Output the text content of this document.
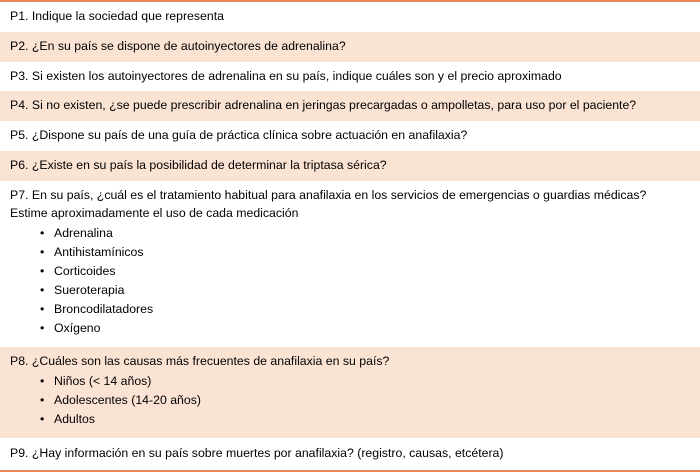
P1. Indique la sociedad que representa
P2. ¿En su país se dispone de autoinyectores de adrenalina?
P3. Si existen los autoinyectores de adrenalina en su país, indique cuáles son y el precio aproximado
P4. Si no existen, ¿se puede prescribir adrenalina en jeringas precargadas o ampolletas, para uso por el paciente?
P5. ¿Dispone su país de una guía de práctica clínica sobre actuación en anafilaxia?
P6. ¿Existe en su país la posibilidad de determinar la triptasa sérica?
P7. En su país, ¿cuál es el tratamiento habitual para anafilaxia en los servicios de emergencias o guardias médicas?
Estime aproximadamente el uso de cada medicación
• Adrenalina
• Antihistamínicos
• Corticoides
• Sueroterapia
• Broncodilatadores
• Oxígeno
P8. ¿Cuáles son las causas más frecuentes de anafilaxia en su país?
• Niños (< 14 años)
• Adolescentes (14-20 años)
• Adultos
P9. ¿Hay información en su país sobre muertes por anafilaxia? (registro, causas, etcétera)
